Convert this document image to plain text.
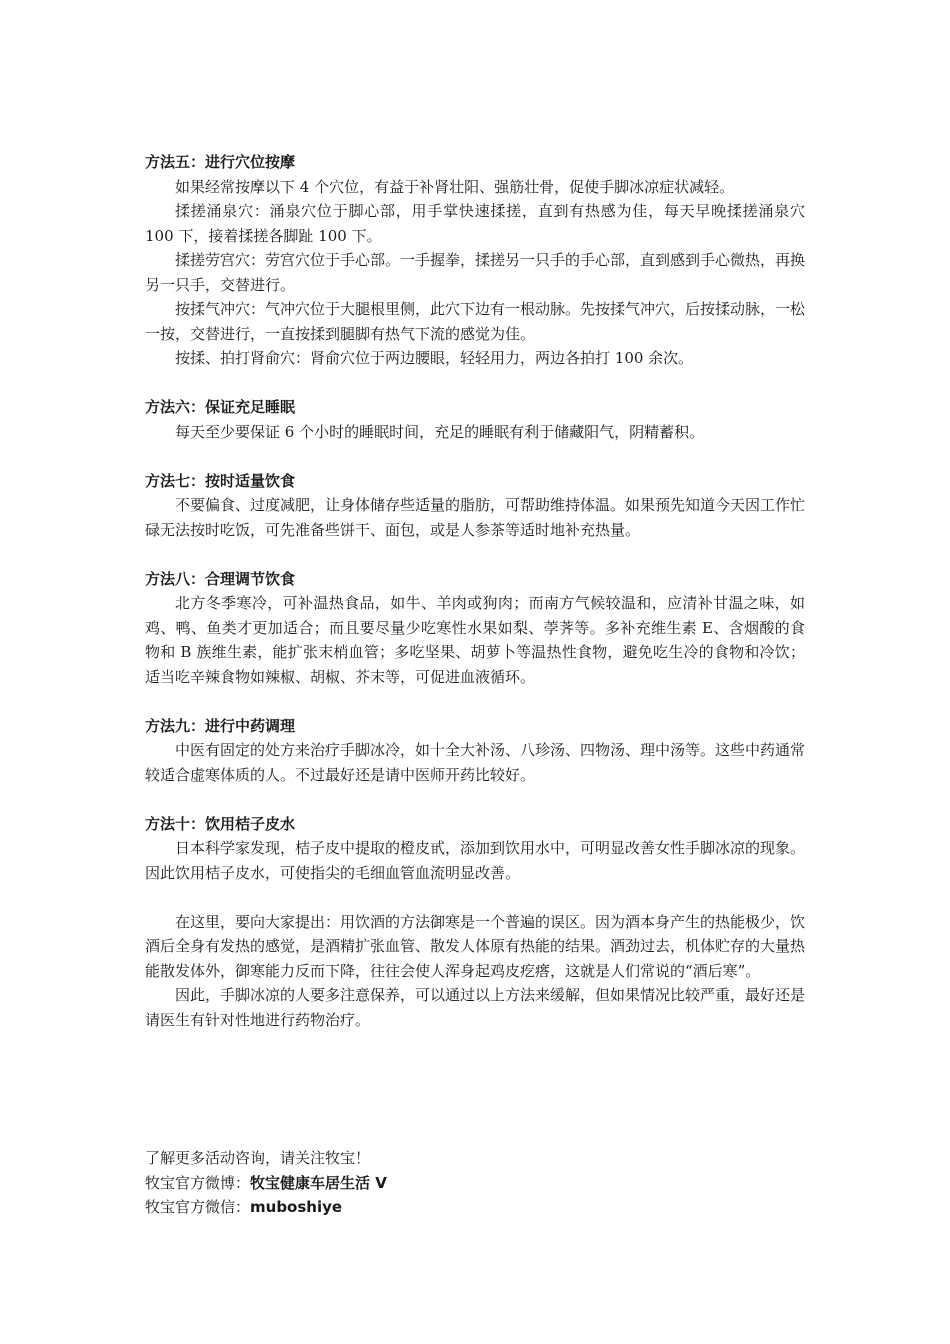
方法五：进行穴位按摩

如果经常按摩以下 4 个穴位，有益于补肾壮阳、强筋壮骨，促使手脚冰凉症状减轻。

揉搓涌泉穴：涌泉穴位于脚心部，用手掌快速揉搓，直到有热感为佳，每天早晚揉搓涌泉穴 100 下，接着揉搓各脚趾 100 下。

揉搓劳宫穴：劳宫穴位于手心部。一手握拳，揉搓另一只手的手心部，直到感到手心微热，再换另一只手，交替进行。

按揉气冲穴：气冲穴位于大腿根里侧，此穴下边有一根动脉。先按揉气冲穴，后按揉动脉，一松一按，交替进行，一直按揉到腿脚有热气下流的感觉为佳。

按揉、拍打肾俞穴：肾俞穴位于两边腰眼，轻轻用力，两边各拍打 100 余次。

方法六：保证充足睡眠

每天至少要保证 6 个小时的睡眠时间，充足的睡眠有利于储藏阳气，阴精蓄积。

方法七：按时适量饮食

不要偏食、过度减肥，让身体储存些适量的脂肪，可帮助维持体温。如果预先知道今天因工作忙碌无法按时吃饭，可先准备些饼干、面包，或是人参茶等适时地补充热量。

方法八：合理调节饮食

北方冬季寒冷，可补温热食品，如牛、羊肉或狗肉；而南方气候较温和，应清补甘温之味，如鸡、鸭、鱼类才更加适合；而且要尽量少吃寒性水果如梨、荸荠等。多补充维生素 E、含烟酸的食物和 B 族维生素，能扩张末梢血管；多吃坚果、胡萝卜等温热性食物，避免吃生冷的食物和冷饮；适当吃辛辣食物如辣椒、胡椒、芥末等，可促进血液循环。

方法九：进行中药调理

中医有固定的处方来治疗手脚冰冷，如十全大补汤、八珍汤、四物汤、理中汤等。这些中药通常较适合虚寒体质的人。不过最好还是请中医师开药比较好。

方法十：饮用桔子皮水

日本科学家发现，桔子皮中提取的橙皮甙，添加到饮用水中，可明显改善女性手脚冰凉的现象。因此饮用桔子皮水，可使指尖的毛细血管血流明显改善。

在这里，要向大家提出：用饮酒的方法御寒是一个普遍的误区。因为酒本身产生的热能极少，饮酒后全身有发热的感觉，是酒精扩张血管、散发人体原有热能的结果。酒劲过去，机体贮存的大量热能散发体外，御寒能力反而下降，往往会使人浑身起鸡皮疙瘩，这就是人们常说的“酒后寒”。

因此，手脚冰凉的人要多注意保养，可以通过以上方法来缓解，但如果情况比较严重，最好还是请医生有针对性地进行药物治疗。

了解更多活动咨询，请关注牧宝！

牧宝官方微博：牧宝健康车居生活 V

牧宝官方微信：muboshiye
